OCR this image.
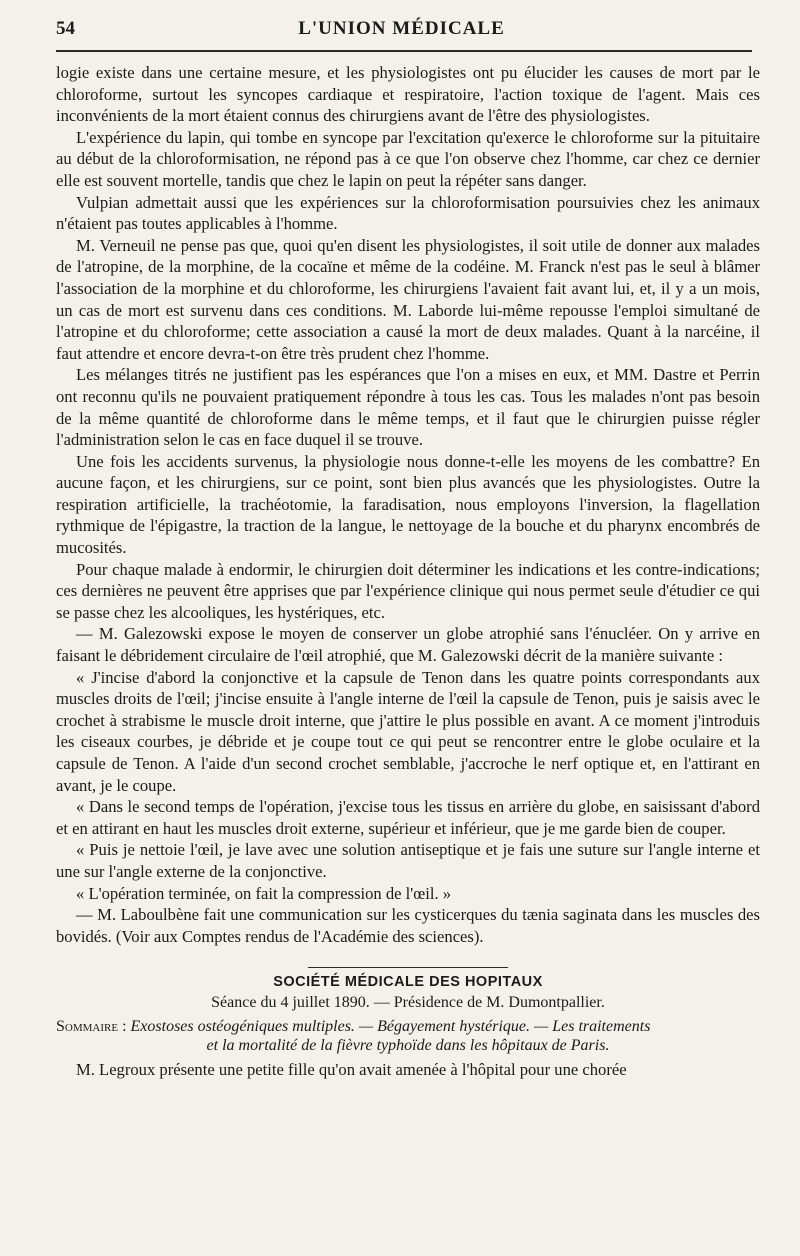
54	L'UNION MÉDICALE

logie existe dans une certaine mesure, et les physiologistes ont pu élucider les causes de mort par le chloroforme, surtout les syncopes cardiaque et respiratoire, l'action toxique de l'agent. Mais ces inconvénients de la mort étaient connus des chirurgiens avant de l'être des physiologistes.

L'expérience du lapin, qui tombe en syncope par l'excitation qu'exerce le chloroforme sur la pituitaire au début de la chloroformisation, ne répond pas à ce que l'on observe chez l'homme, car chez ce dernier elle est souvent mortelle, tandis que chez le lapin on peut la répéter sans danger.

Vulpian admettait aussi que les expériences sur la chloroformisation poursuivies chez les animaux n'étaient pas toutes applicables à l'homme.

M. Verneuil ne pense pas que, quoi qu'en disent les physiologistes, il soit utile de donner aux malades de l'atropine, de la morphine, de la cocaïne et même de la codéine. M. Franck n'est pas le seul à blâmer l'association de la morphine et du chloroforme, les chirurgiens l'avaient fait avant lui, et, il y a un mois, un cas de mort est survenu dans ces conditions. M. Laborde lui-même repousse l'emploi simultané de l'atropine et du chloroforme; cette association a causé la mort de deux malades. Quant à la narcéine, il faut attendre et encore devra-t-on être très prudent chez l'homme.

Les mélanges titrés ne justifient pas les espérances que l'on a mises en eux, et MM. Dastre et Perrin ont reconnu qu'ils ne pouvaient pratiquement répondre à tous les cas. Tous les malades n'ont pas besoin de la même quantité de chloroforme dans le même temps, et il faut que le chirurgien puisse régler l'administration selon le cas en face duquel il se trouve.

Une fois les accidents survenus, la physiologie nous donne-t-elle les moyens de les combattre? En aucune façon, et les chirurgiens, sur ce point, sont bien plus avancés que les physiologistes. Outre la respiration artificielle, la trachéotomie, la faradisation, nous employons l'inversion, la flagellation rythmique de l'épigastre, la traction de la langue, le nettoyage de la bouche et du pharynx encombrés de mucosités.

Pour chaque malade à endormir, le chirurgien doit déterminer les indications et les contre-indications; ces dernières ne peuvent être apprises que par l'expérience clinique qui nous permet seule d'étudier ce qui se passe chez les alcooliques, les hystériques, etc.

— M. Galezowski expose le moyen de conserver un globe atrophié sans l'énucléer. On y arrive en faisant le débridement circulaire de l'œil atrophié, que M. Galezowski décrit de la manière suivante :

« J'incise d'abord la conjonctive et la capsule de Tenon dans les quatre points correspondants aux muscles droits de l'œil; j'incise ensuite à l'angle interne de l'œil la capsule de Tenon, puis je saisis avec le crochet à strabisme le muscle droit interne, que j'attire le plus possible en avant. A ce moment j'introduis les ciseaux courbes, je débride et je coupe tout ce qui peut se rencontrer entre le globe oculaire et la capsule de Tenon. A l'aide d'un second crochet semblable, j'accroche le nerf optique et, en l'attirant en avant, je le coupe.

« Dans le second temps de l'opération, j'excise tous les tissus en arrière du globe, en saisissant d'abord et en attirant en haut les muscles droit externe, supérieur et inférieur, que je me garde bien de couper.

« Puis je nettoie l'œil, je lave avec une solution antiseptique et je fais une suture sur l'angle interne et une sur l'angle externe de la conjonctive.

« L'opération terminée, on fait la compression de l'œil. »

— M. Laboulbène fait une communication sur les cysticerques du tænia saginata dans les muscles des bovidés. (Voir aux Comptes rendus de l'Académie des sciences).

SOCIÉTÉ MÉDICALE DES HOPITAUX
Séance du 4 juillet 1890. — Présidence de M. Dumontpallier.

Sommaire : Exostoses ostéogéniques multiples. — Bégayement hystérique. — Les traitements

et la mortalité de la fièvre typhoïde dans les hôpitaux de Paris.

M. Legroux présente une petite fille qu'on avait amenée à l'hôpital pour une chorée
